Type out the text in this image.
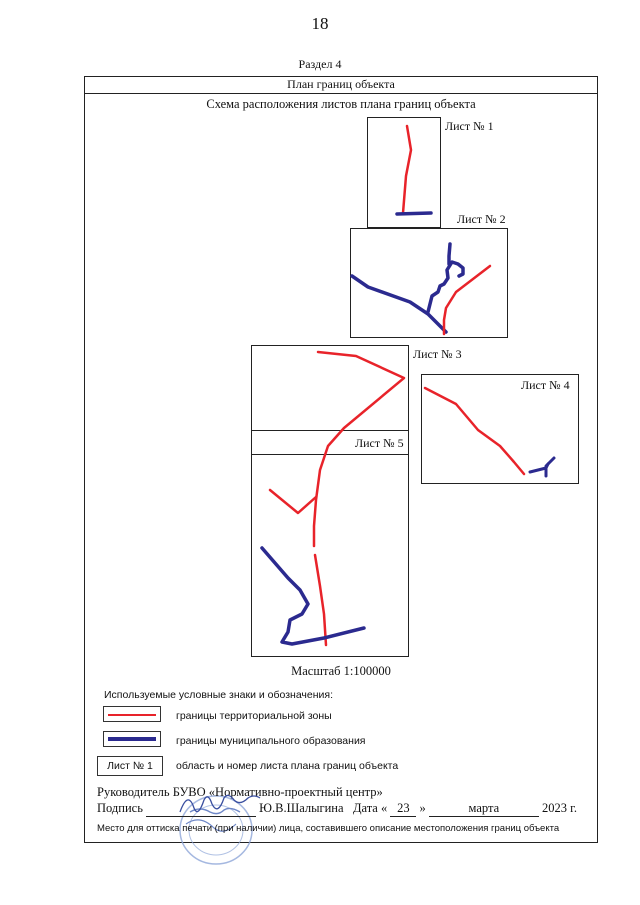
18
Раздел 4
План границ объекта
Схема расположения листов плана границ объекта
Лист № 1
Лист № 2
Лист № 3
Лист № 4
Лист № 5
Масштаб 1:100000
Используемые условные знаки и обозначения:
границы территориальной зоны
границы муниципального образования
Лист № 1	область и номер листа плана границ объекта
Руководитель БУВО «Нормативно-проектный центр»
Подпись	Ю.В.Шалыгина Дата « 23 »	марта	2023 г.
Место для оттиска печати (при наличии) лица, составившего описание местоположения границ объекта
